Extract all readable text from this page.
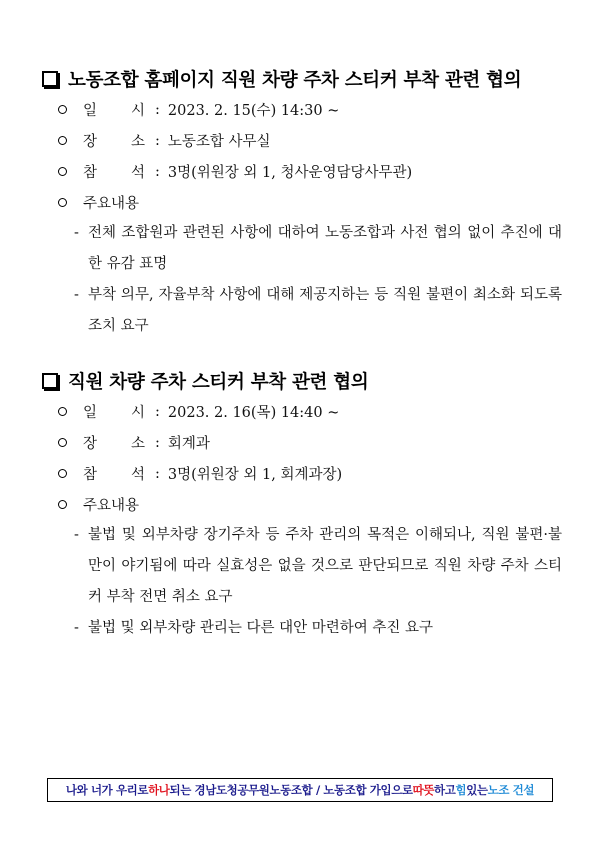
노동조합 홈페이지 직원 차량 주차 스티커 부착 관련 협의
일 시 : 2023. 2. 15(수) 14:30 ~
장 소 : 노동조합 사무실
참 석 : 3명(위원장 외 1, 청사운영담당사무관)
주요내용
- 전체 조합원과 관련된 사항에 대하여 노동조합과 사전 협의 없이 추진에 대한 유감 표명
- 부착 의무, 자율부착 사항에 대해 제공지하는 등 직원 불편이 최소화 되도록 조치 요구
직원 차량 주차 스티커 부착 관련 협의
일 시 : 2023. 2. 16(목) 14:40 ~
장 소 : 회계과
참 석 : 3명(위원장 외 1, 회계과장)
주요내용
- 불법 및 외부차량 장기주차 등 주차 관리의 목적은 이해되나, 직원 불편·불만이 야기됨에 따라 실효성은 없을 것으로 판단되므로 직원 차량 주차 스티커 부착 전면 취소 요구
- 불법 및 외부차량 관리는 다른 대안 마련하여 추진 요구
나와 너가 우리로 하나 되는 경남도청공무원노동조합 / 노동조합 가입으로 따뜻 하고 힘 있는 노조 건설
